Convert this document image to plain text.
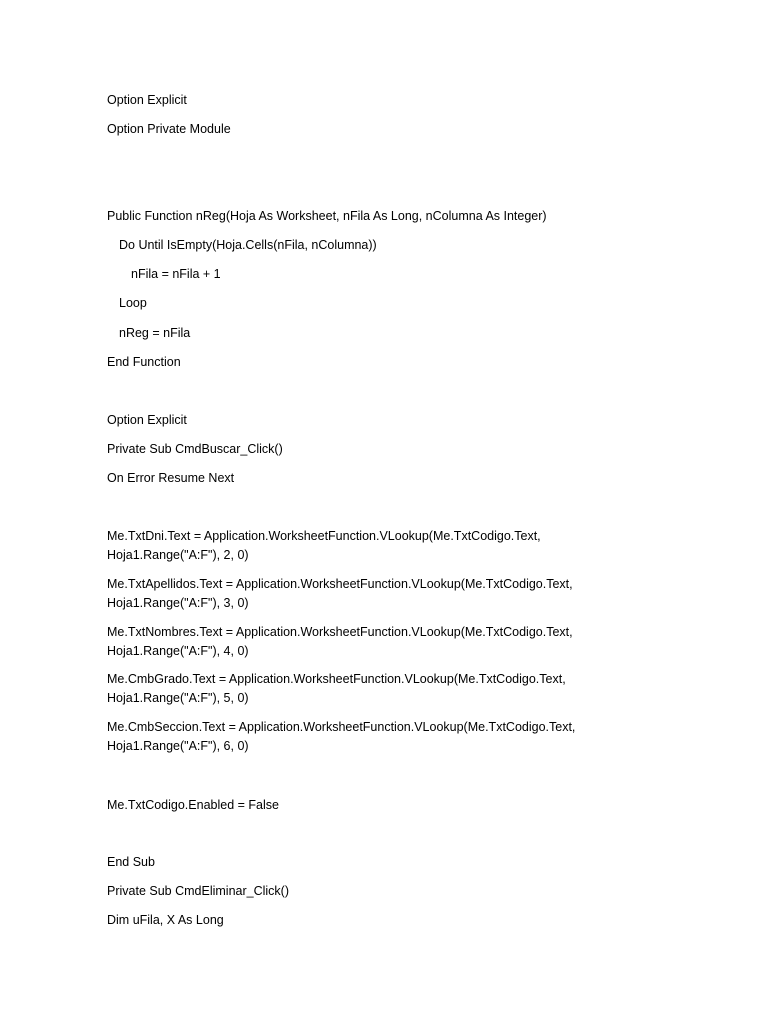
Option Explicit
Option Private Module
Public Function nReg(Hoja As Worksheet, nFila As Long, nColumna As Integer)
Do Until IsEmpty(Hoja.Cells(nFila, nColumna))
nFila = nFila + 1
Loop
nReg = nFila
End Function
Option Explicit
Private Sub CmdBuscar_Click()
On Error Resume Next
Me.TxtDni.Text = Application.WorksheetFunction.VLookup(Me.TxtCodigo.Text,
Hoja1.Range("A:F"), 2, 0)
Me.TxtApellidos.Text = Application.WorksheetFunction.VLookup(Me.TxtCodigo.Text,
Hoja1.Range("A:F"), 3, 0)
Me.TxtNombres.Text = Application.WorksheetFunction.VLookup(Me.TxtCodigo.Text,
Hoja1.Range("A:F"), 4, 0)
Me.CmbGrado.Text = Application.WorksheetFunction.VLookup(Me.TxtCodigo.Text,
Hoja1.Range("A:F"), 5, 0)
Me.CmbSeccion.Text = Application.WorksheetFunction.VLookup(Me.TxtCodigo.Text,
Hoja1.Range("A:F"), 6, 0)
Me.TxtCodigo.Enabled = False
End Sub
Private Sub CmdEliminar_Click()
Dim uFila, X As Long
